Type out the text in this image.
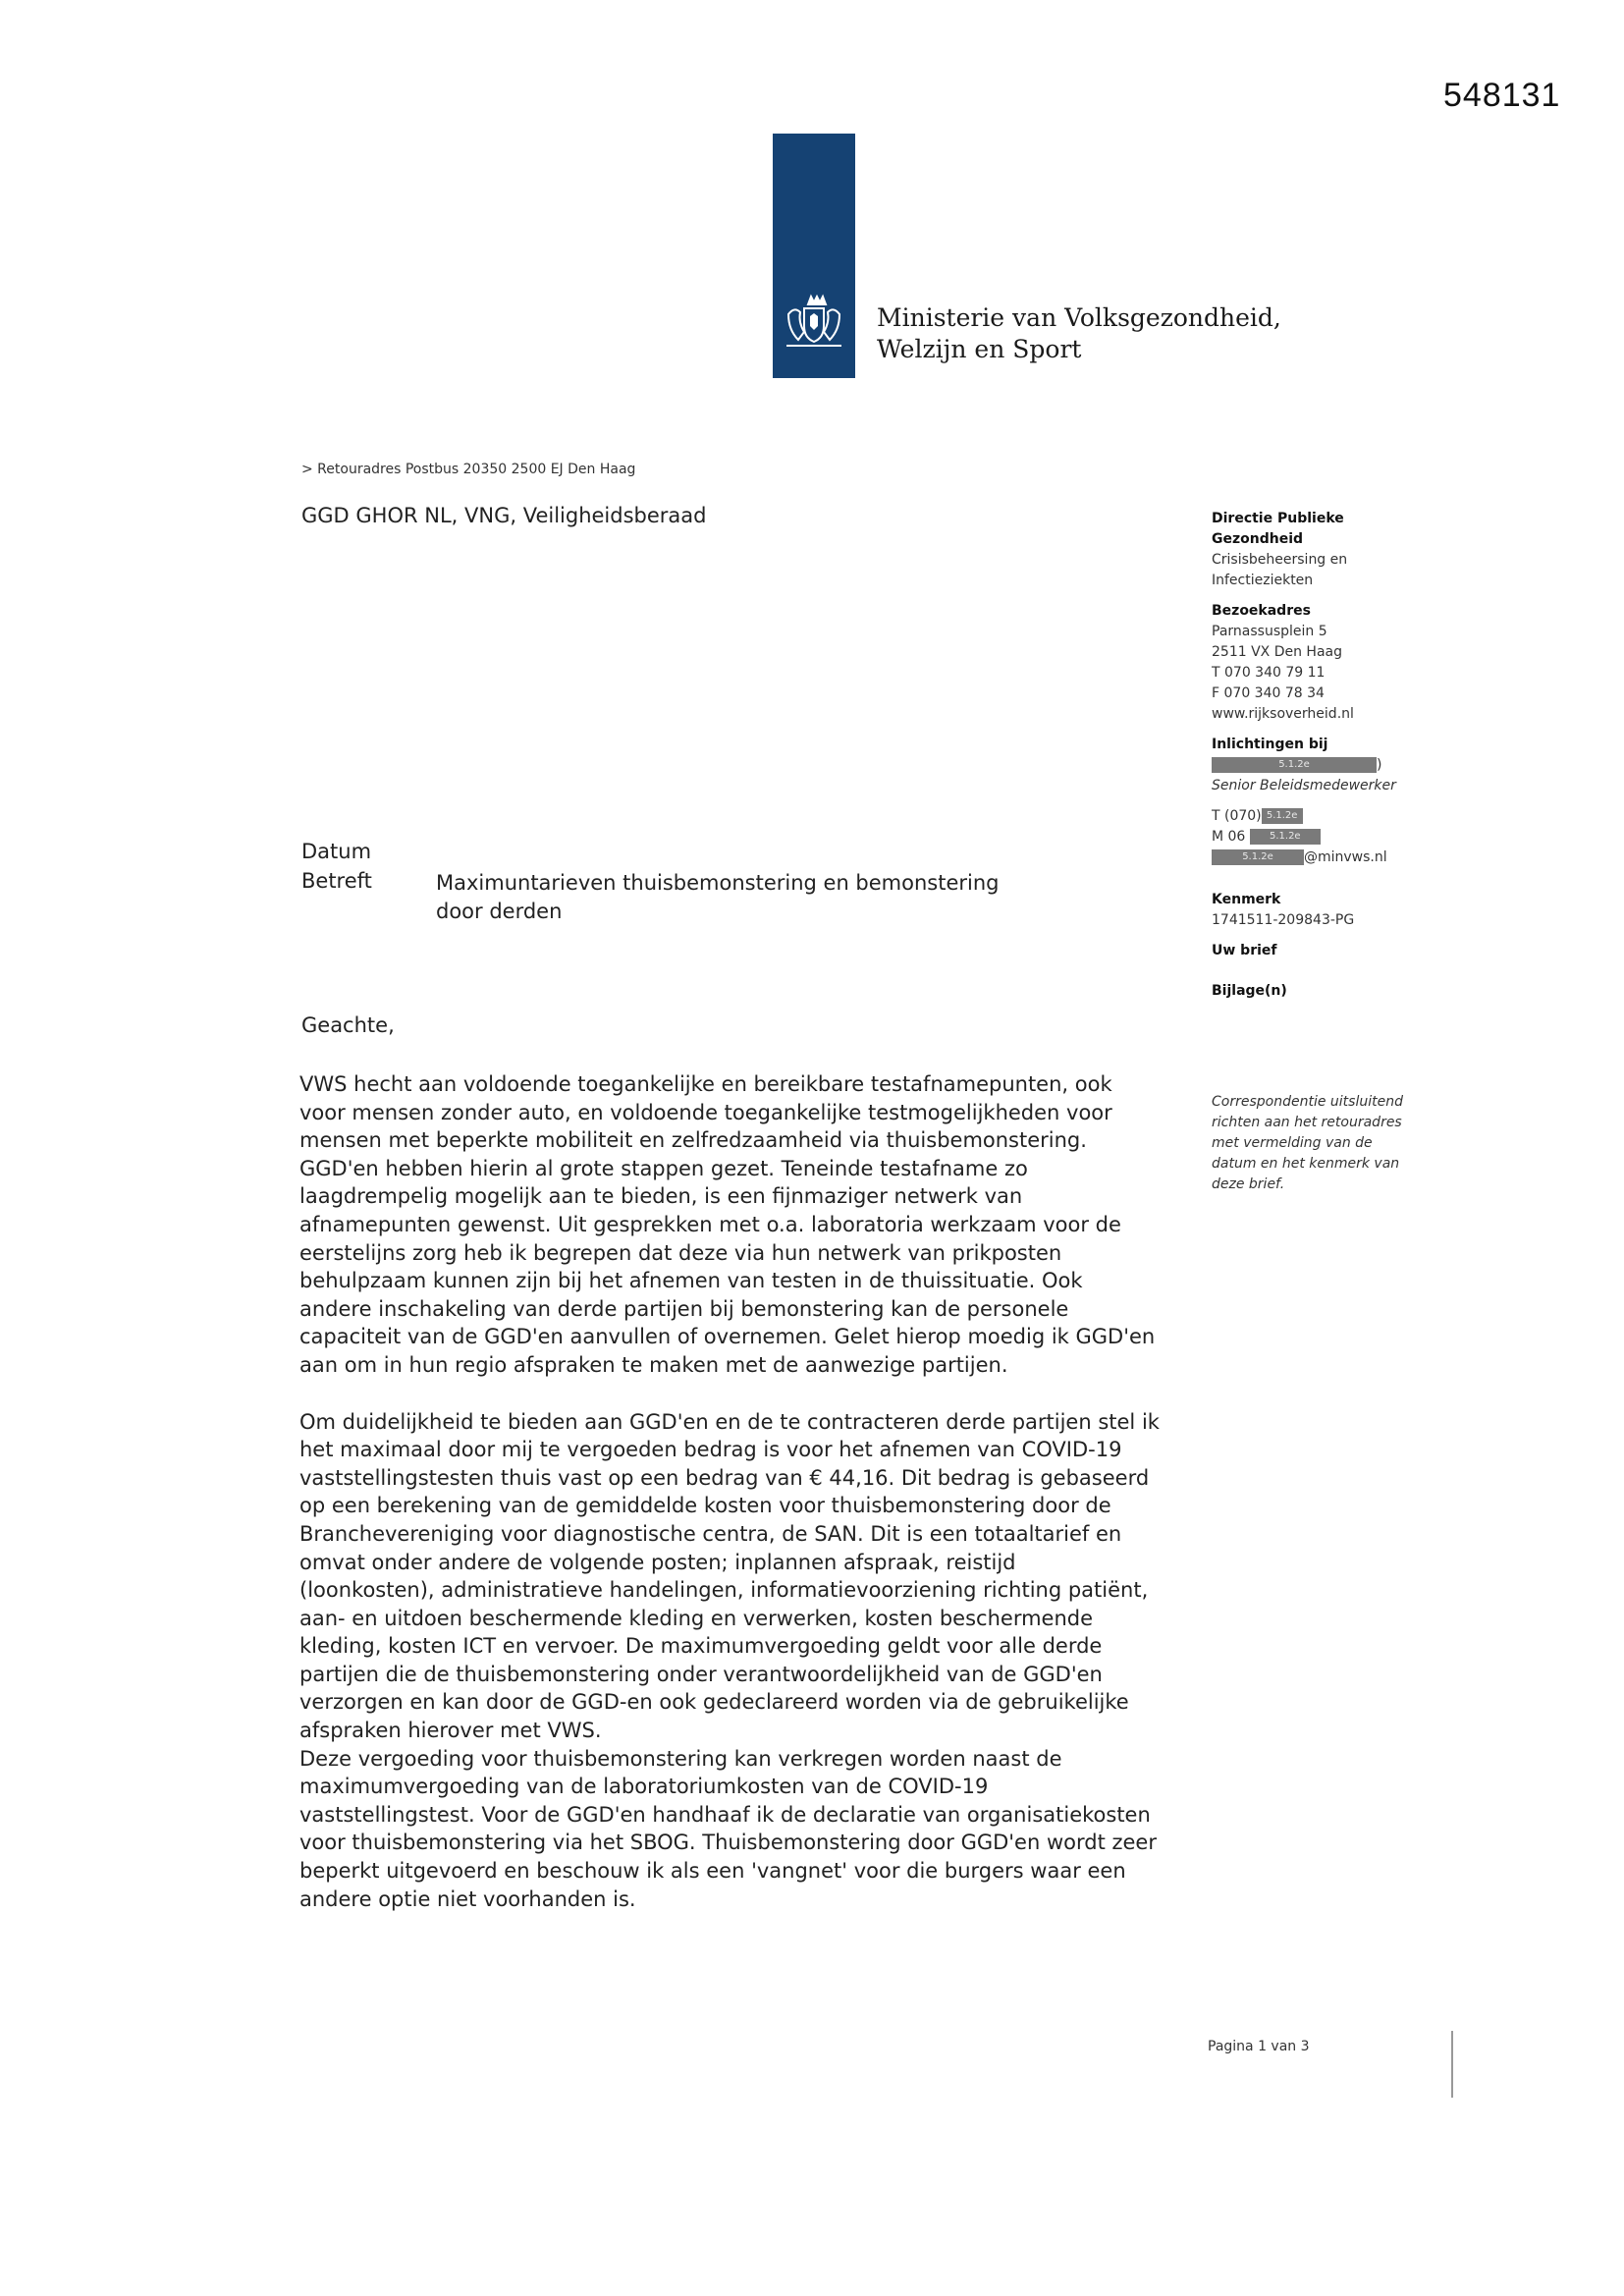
548131
Ministerie van Volksgezondheid,
Welzijn en Sport
> Retouradres Postbus 20350 2500 EJ Den Haag
GGD GHOR NL, VNG, Veiligheidsberaad	Directie Publieke
Gezondheid
Crisisbeheersing en
Infectieziekten
Bezoekadres
Parnassusplein 5
2511 VX Den Haag
T 070 340 79 11
F 070 340 78 34
www.rijksoverheid.nl
Inlichtingen bij
5.1.2e	)
Senior Beleidsmedewerker
T (070) 5.1.2e
M 06 5.1.2e
5.1.2e @minvws.nl
Kenmerk
1741511-209843-PG
Uw brief
Bijlage(n)
Datum
Betreft	Maximuntarieven thuisbemonstering en bemonstering
door derden
Geachte,

VWS hecht aan voldoende toegankelijke en bereikbare testafnamepunten, ook
voor mensen zonder auto, en voldoende toegankelijke testmogelijkheden voor
mensen met beperkte mobiliteit en zelfredzaamheid via thuisbemonstering.
GGD'en hebben hierin al grote stappen gezet. Teneinde testafname zo
laagdrempelig mogelijk aan te bieden, is een fijnmaziger netwerk van
afnamepunten gewenst. Uit gesprekken met o.a. laboratoria werkzaam voor de
eerstelijns zorg heb ik begrepen dat deze via hun netwerk van prikposten
behulpzaam kunnen zijn bij het afnemen van testen in de thuissituatie. Ook
andere inschakeling van derde partijen bij bemonstering kan de personele
capaciteit van de GGD'en aanvullen of overnemen. Gelet hierop moedig ik GGD'en
aan om in hun regio afspraken te maken met de aanwezige partijen.

Om duidelijkheid te bieden aan GGD'en en de te contracteren derde partijen stel ik
het maximaal door mij te vergoeden bedrag is voor het afnemen van COVID-19
vaststellingstesten thuis vast op een bedrag van € 44,16. Dit bedrag is gebaseerd
op een berekening van de gemiddelde kosten voor thuisbemonstering door de
Branchevereniging voor diagnostische centra, de SAN. Dit is een totaaltarief en
omvat onder andere de volgende posten; inplannen afspraak, reistijd
(loonkosten), administratieve handelingen, informatievoorziening richting patiënt,
aan- en uitdoen beschermende kleding en verwerken, kosten beschermende
kleding, kosten ICT en vervoer. De maximumvergoeding geldt voor alle derde
partijen die de thuisbemonstering onder verantwoordelijkheid van de GGD'en
verzorgen en kan door de GGD-en ook gedeclareerd worden via de gebruikelijke
afspraken hierover met VWS.

Deze vergoeding voor thuisbemonstering kan verkregen worden naast de
maximumvergoeding van de laboratoriumkosten van de COVID-19
vaststellingstest. Voor de GGD'en handhaaf ik de declaratie van organisatiekosten
voor thuisbemonstering via het SBOG. Thuisbemonstering door GGD'en wordt zeer
beperkt uitgevoerd en beschouw ik als een 'vangnet' voor die burgers waar een
andere optie niet voorhanden is.

Correspondentie uitsluitend
richten aan het retouradres
met vermelding van de
datum en het kenmerk van
deze brief.
Pagina 1 van 3
